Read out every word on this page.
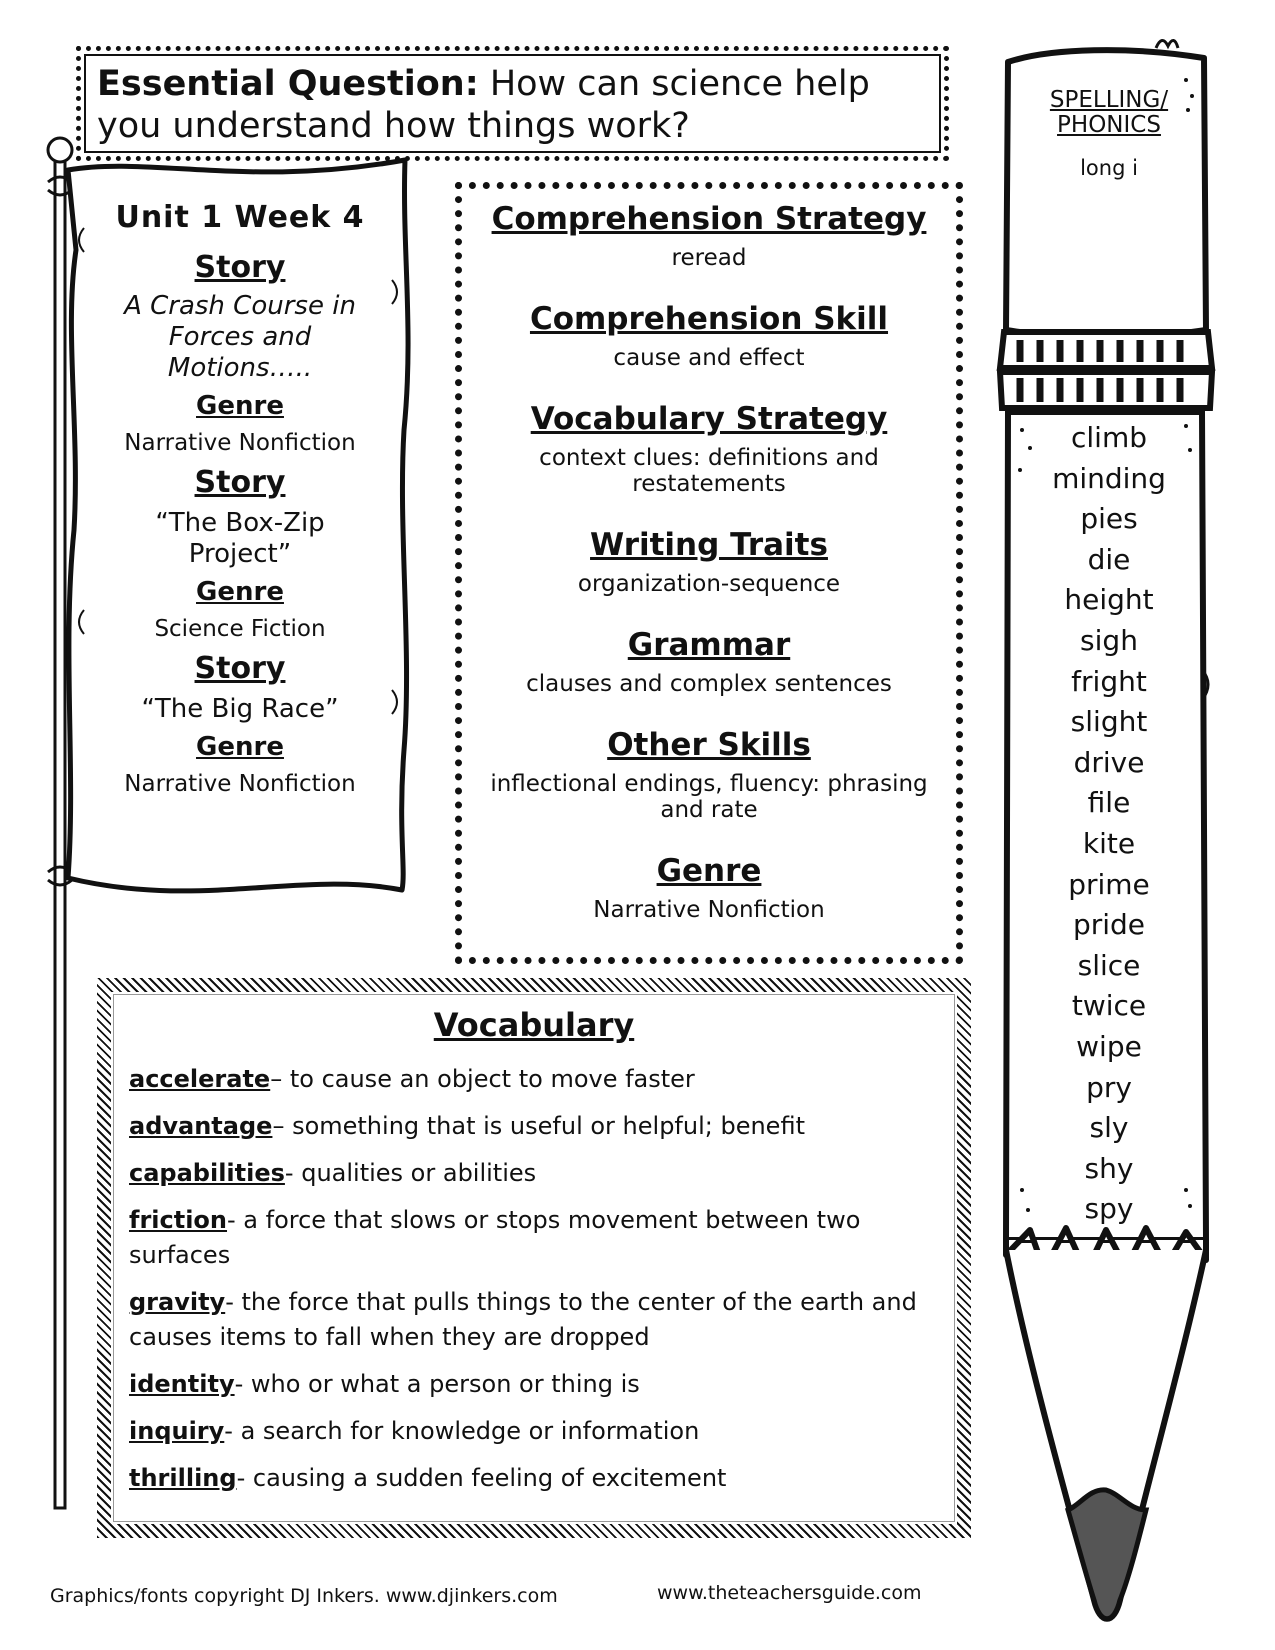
Essential Question: How can science help you understand how things work?
Unit 1 Week 4
Story
A Crash Course in Forces and Motions…..
Genre
Narrative Nonfiction
Story
“The Box-Zip Project”
Genre
Science Fiction
Story
“The Big Race”
Genre
Narrative Nonfiction
Comprehension Strategy
reread
Comprehension Skill
cause and effect
Vocabulary Strategy
context clues: definitions and restatements
Writing Traits
organization-sequence
Grammar
clauses and complex sentences
Other Skills
inflectional endings, fluency: phrasing and rate
Genre
Narrative Nonfiction
Vocabulary
accelerate– to cause an object to move faster
advantage– something that is useful or helpful; benefit
capabilities- qualities or abilities
friction- a force that slows or stops movement between two surfaces
gravity- the force that pulls things to the center of the earth and causes items to fall when they are dropped
identity- who or what a person or thing is
inquiry- a search for knowledge or information
thrilling- causing a sudden feeling of excitement
SPELLING/
PHONICS
long i
climb
minding
pies
die
height
sigh
fright
slight
drive
file
kite
prime
pride
slice
twice
wipe
pry
sly
shy
spy
Graphics/fonts copyright DJ Inkers. www.djinkers.com	www.theteachersguide.com
